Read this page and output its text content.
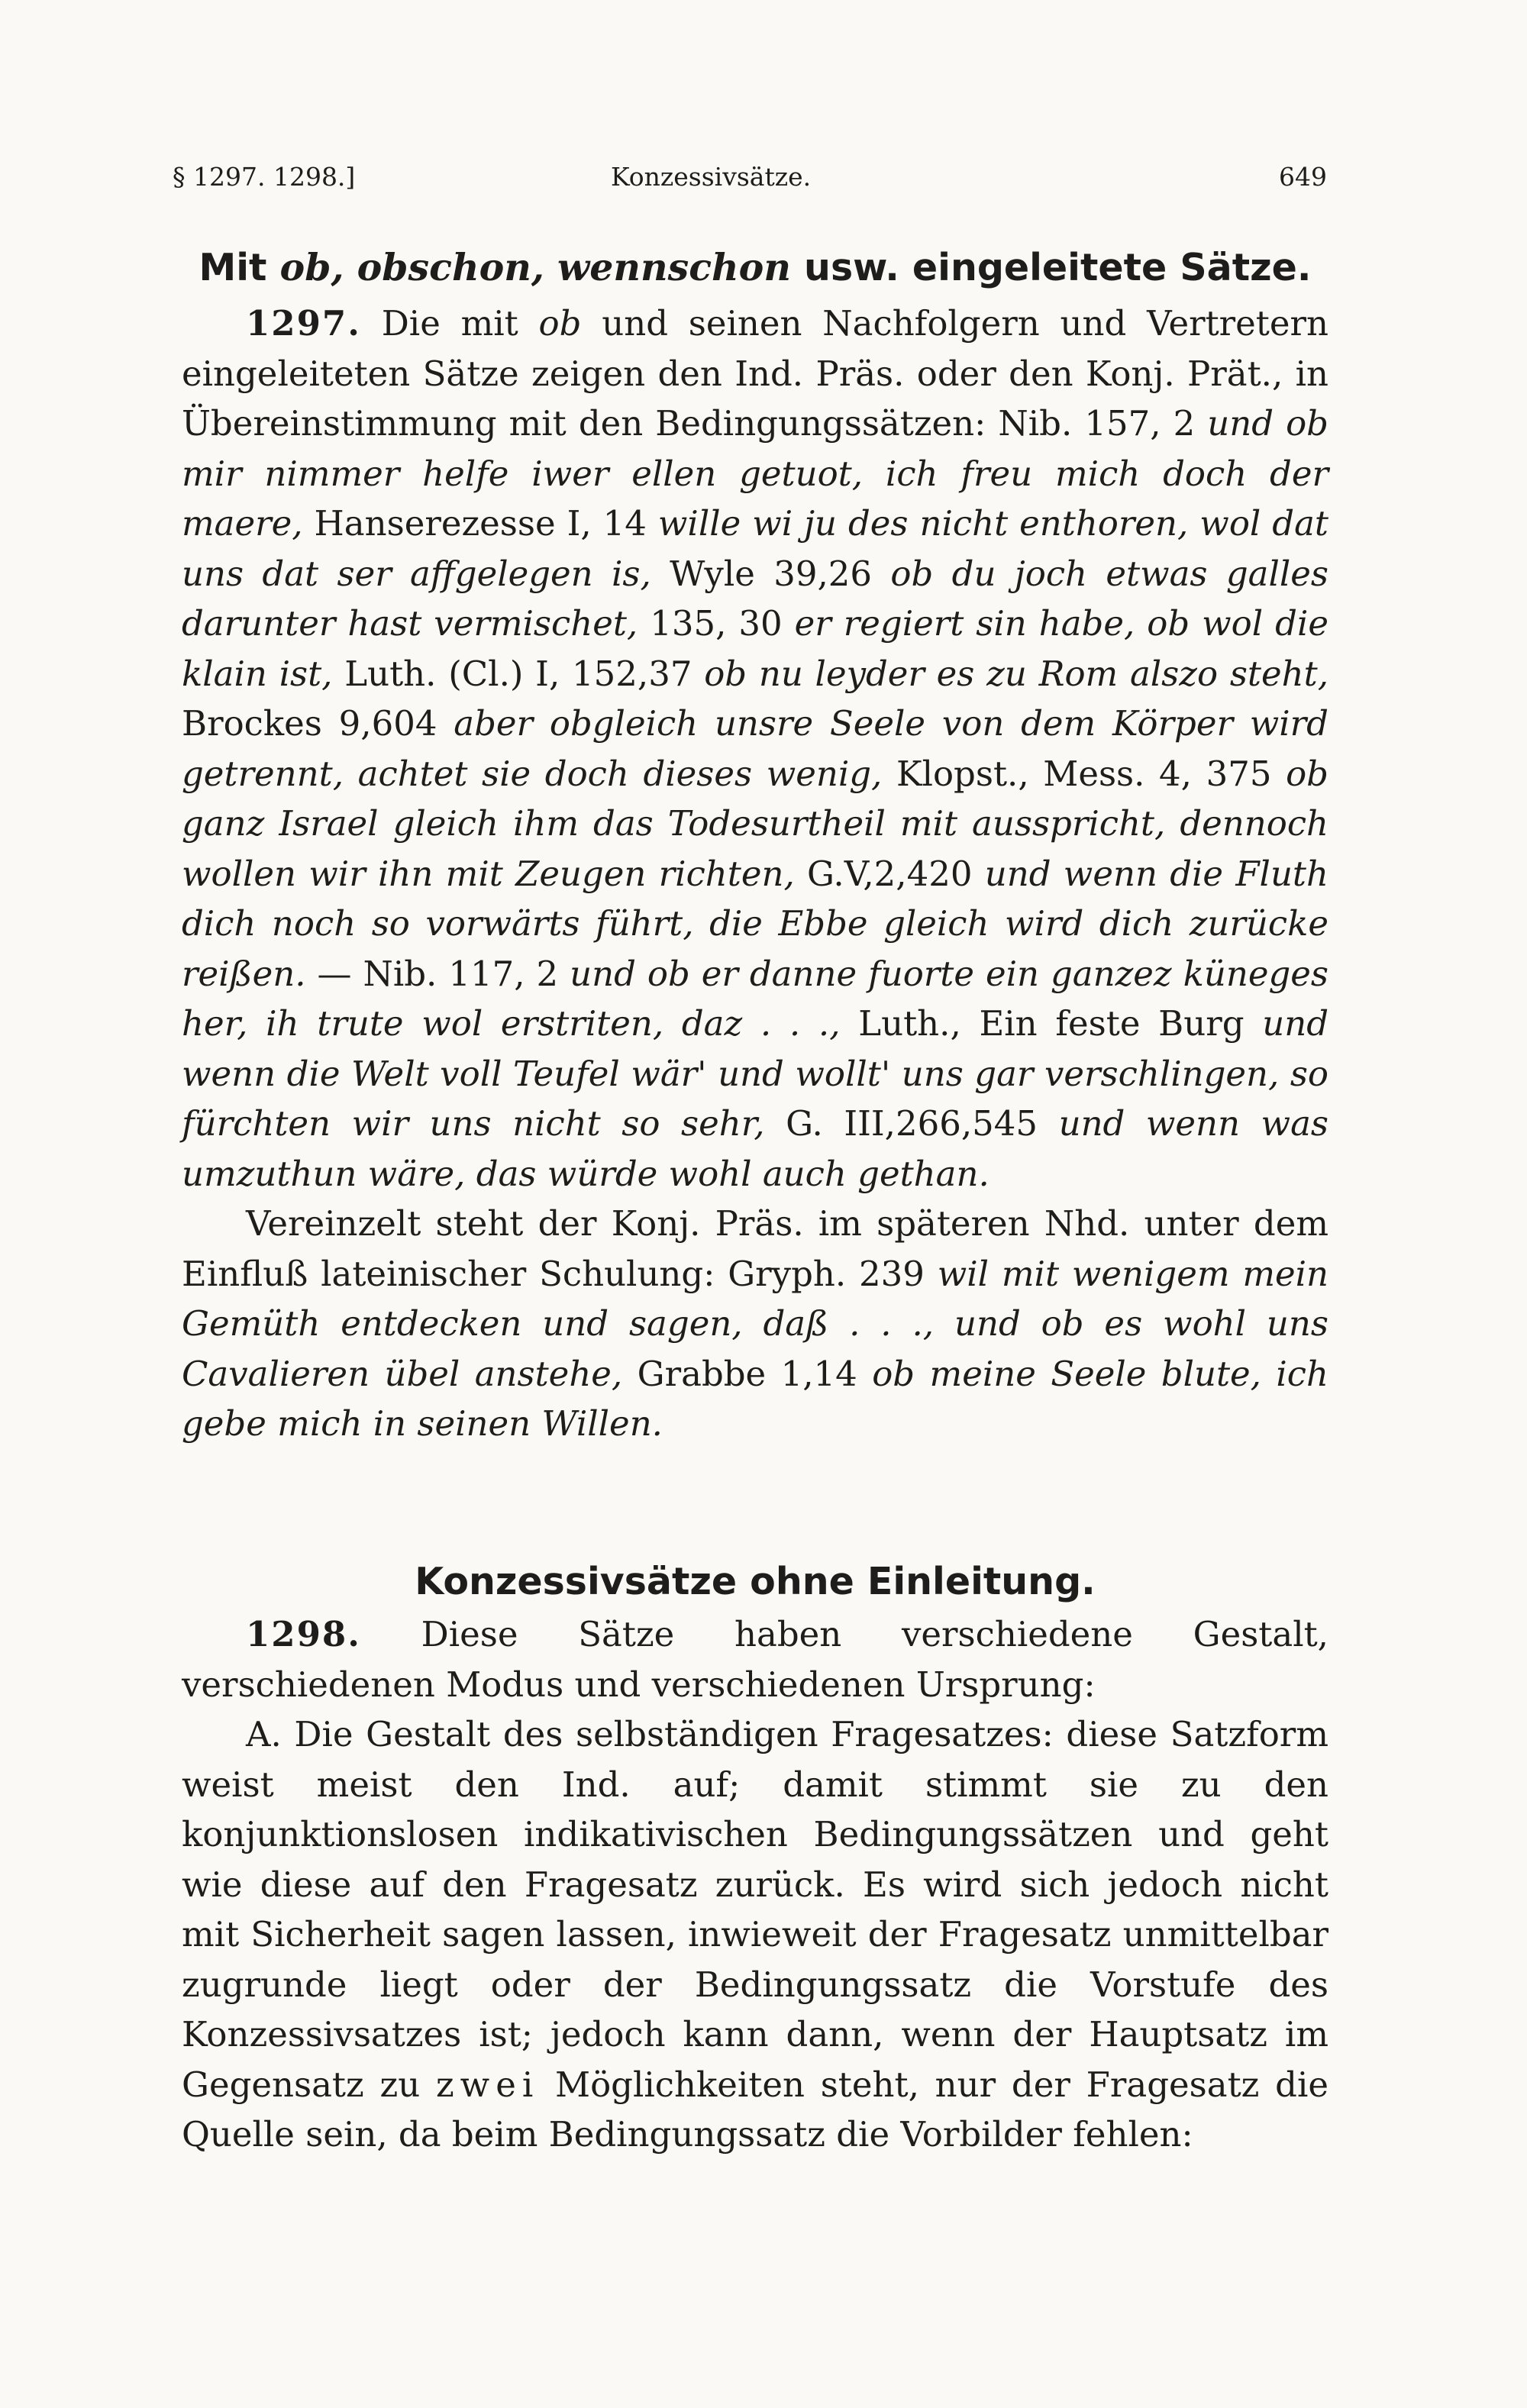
§ 1297. 1298.]	Konzessivsätze.	649
Mit ob, obschon, wennschon usw. eingeleitete Sätze.

1297. Die mit ob und seinen Nachfolgern und Vertretern eingeleiteten Sätze zeigen den Ind. Präs. oder den Konj. Prät., in Übereinstimmung mit den Bedingungssätzen: Nib. 157, 2 und ob mir nimmer helfe iwer ellen getuot, ich freu mich doch der maere, Hanserezesse I, 14 wille wi ju des nicht enthoren, wol dat uns dat ser affgelegen is, Wyle 39,26 ob du joch etwas galles darunter hast vermischet, 135, 30 er regiert sin habe, ob wol die klain ist, Luth. (Cl.) I, 152,37 ob nu leyder es zu Rom alszo steht, Brockes 9,604 aber obgleich unsre Seele von dem Körper wird getrennt, achtet sie doch dieses wenig, Klopst., Mess. 4, 375 ob ganz Israel gleich ihm das Todesurtheil mit ausspricht, dennoch wollen wir ihn mit Zeugen richten, G.V,2,420 und wenn die Fluth dich noch so vorwärts führt, die Ebbe gleich wird dich zurücke reißen. — Nib. 117, 2 und ob er danne fuorte ein ganzez küneges her, ih trute wol erstriten, daz . . ., Luth., Ein feste Burg und wenn die Welt voll Teufel wär' und wollt' uns gar verschlingen, so fürchten wir uns nicht so sehr, G. III,266,545 und wenn was umzuthun wäre, das würde wohl auch gethan.

Vereinzelt steht der Konj. Präs. im späteren Nhd. unter dem Einfluß lateinischer Schulung: Gryph. 239 wil mit wenigem mein Gemüth entdecken und sagen, daß . . ., und ob es wohl uns Cavalieren übel anstehe, Grabbe 1,14 ob meine Seele blute, ich gebe mich in seinen Willen.

Konzessivsätze ohne Einleitung.

1298. Diese Sätze haben verschiedene Gestalt, verschiedenen Modus und verschiedenen Ursprung:

A. Die Gestalt des selbständigen Fragesatzes: diese Satzform weist meist den Ind. auf; damit stimmt sie zu den konjunktionslosen indikativischen Bedingungssätzen und geht wie diese auf den Fragesatz zurück. Es wird sich jedoch nicht mit Sicherheit sagen lassen, inwieweit der Fragesatz unmittelbar zugrunde liegt oder der Bedingungssatz die Vorstufe des Konzessivsatzes ist; jedoch kann dann, wenn der Hauptsatz im Gegensatz zu zwei Möglichkeiten steht, nur der Fragesatz die Quelle sein, da beim Bedingungssatz die Vorbilder fehlen:
